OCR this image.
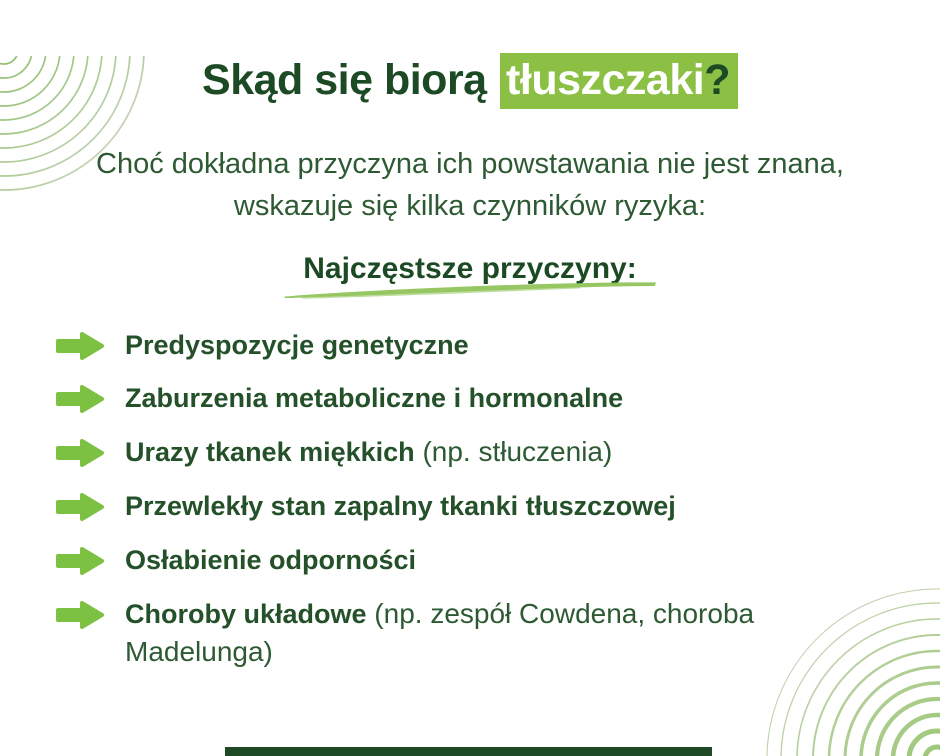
Skąd się biorą tłuszczaki?

Choć dokładna przyczyna ich powstawania nie jest znana, wskazuje się kilka czynników ryzyka:

Najczęstsze przyczyny:
Predyspozycje genetyczne
Zaburzenia metaboliczne i hormonalne
Urazy tkanek miękkich (np. stłuczenia)
Przewlekły stan zapalny tkanki tłuszczowej
Osłabienie odporności
Choroby układowe (np. zespół Cowdena, choroba Madelunga)
